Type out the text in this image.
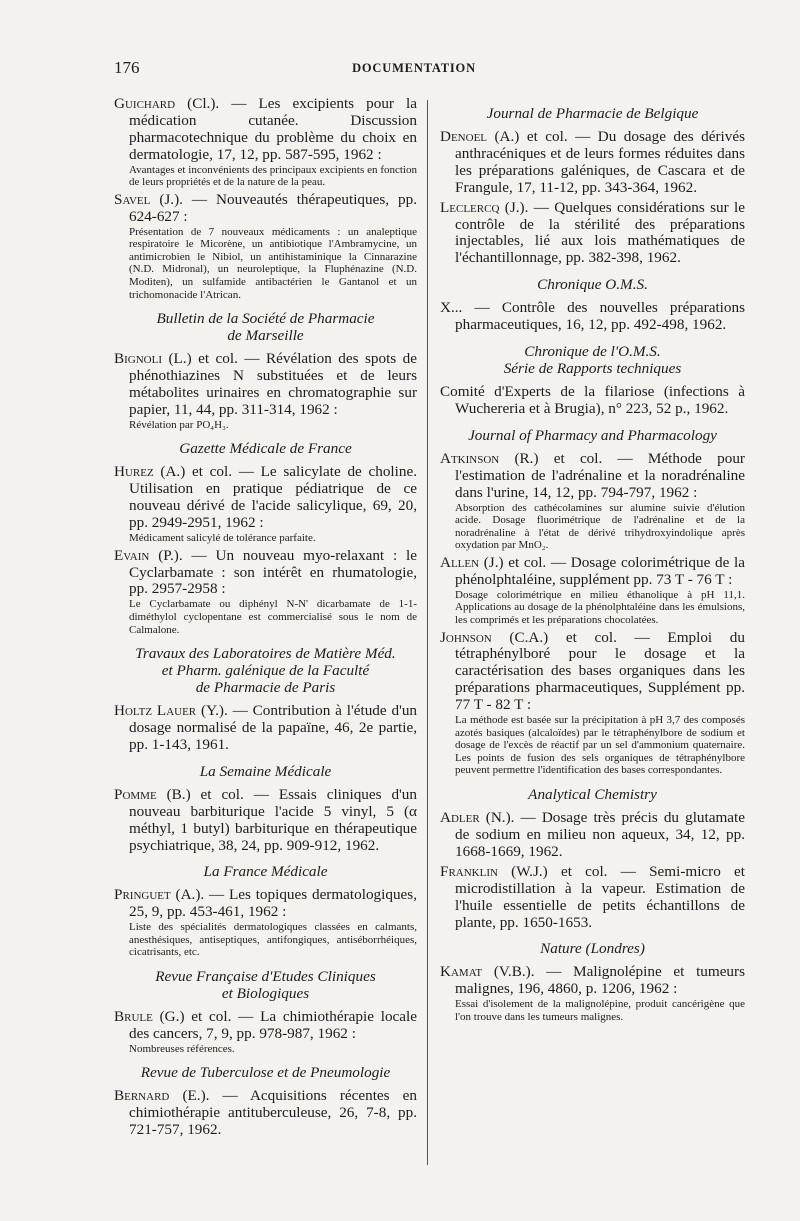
176	DOCUMENTATION
Guichard (Cl.). — Les excipients pour la médication cutanée. Discussion pharmacotechnique du problème du choix en dermatologie, 17, 12, pp. 587-595, 1962 :
Avantages et inconvénients des principaux excipients en fonction de leurs propriétés et de la nature de la peau.
Savel (J.). — Nouveautés thérapeutiques, pp. 624-627 :
Présentation de 7 nouveaux médicaments : un analeptique respiratoire le Micorène, un antibiotique l'Ambramycine, un antimicrobien le Nibiol, un antihistaminique la Cinnarazine (N.D. Midronal), un neuroleptique, la Fluphénazine (N.D. Moditen), un sulfamide antibactérien le Gantanol et un trichomonacide l'Atrican.
Bulletin de la Société de Pharmacie
de Marseille
Bignoli (L.) et col. — Révélation des spots de phénothiazines N substituées et de leurs métabolites urinaires en chromatographie sur papier, 11, 44, pp. 311-314, 1962 :
Révélation par PO₄H₃.
Gazette Médicale de France
Hurez (A.) et col. — Le salicylate de choline. Utilisation en pratique pédiatrique de ce nouveau dérivé de l'acide salicylique, 69, 20, pp. 2949-2951, 1962 :
Médicament salicylé de tolérance parfaite.
Evain (P.). — Un nouveau myo-relaxant : le Cyclarbamate : son intérêt en rhumatologie, pp. 2957-2958 :
Le Cyclarbamate ou diphényl N-N' dicarbamate de 1-1-diméthylol cyclopentane est commercialisé sous le nom de Calmalone.
Travaux des Laboratoires de Matière Méd.
et Pharm. galénique de la Faculté
de Pharmacie de Paris
Holtz Lauer (Y.). — Contribution à l'étude d'un dosage normalisé de la papaïne, 46, 2e partie, pp. 1-143, 1961.
La Semaine Médicale
Pomme (B.) et col. — Essais cliniques d'un nouveau barbiturique l'acide 5 vinyl, 5 (α méthyl, 1 butyl) barbiturique en thérapeutique psychiatrique, 38, 24, pp. 909-912, 1962.
La France Médicale
Pringuet (A.). — Les topiques dermatologiques, 25, 9, pp. 453-461, 1962 :
Liste des spécialités dermatologiques classées en calmants, anesthésiques, antiseptiques, antifongiques, antiséborrhéiques, cicatrisants, etc.
Revue Française d'Etudes Cliniques
et Biologiques
Brule (G.) et col. — La chimiothérapie locale des cancers, 7, 9, pp. 978-987, 1962 :
Nombreuses références.
Revue de Tuberculose et de Pneumologie
Bernard (E.). — Acquisitions récentes en chimiothérapie antituberculeuse, 26, 7-8, pp. 721-757, 1962.
Journal de Pharmacie de Belgique
Denoel (A.) et col. — Du dosage des dérivés anthracéniques et de leurs formes réduites dans les préparations galéniques, de Cascara et de Frangule, 17, 11-12, pp. 343-364, 1962.
Leclercq (J.). — Quelques considérations sur le contrôle de la stérilité des préparations injectables, lié aux lois mathématiques de l'échantillonnage, pp. 382-398, 1962.
Chronique O.M.S.
X... — Contrôle des nouvelles préparations pharmaceutiques, 16, 12, pp. 492-498, 1962.
Chronique de l'O.M.S.
Série de Rapports techniques
Comité d'Experts de la filariose (infections à Wuchereria et à Brugia), n° 223, 52 p., 1962.
Journal of Pharmacy and Pharmacology
Atkinson (R.) et col. — Méthode pour l'estimation de l'adrénaline et la noradrénaline dans l'urine, 14, 12, pp. 794-797, 1962 :
Absorption des cathécolamines sur alumine suivie d'élution acide. Dosage fluorimétrique de l'adrénaline et de la noradrénaline à l'état de dérivé trihydroxyindolique après oxydation par MnO₂.
Allen (J.) et col. — Dosage colorimétrique de la phénolphtaléine, supplément pp. 73 T - 76 T :
Dosage colorimétrique en milieu éthanolique à pH 11,1. Applications au dosage de la phénolphtaléine dans les émulsions, les comprimés et les préparations chocolatées.
Johnson (C.A.) et col. — Emploi du tétraphénylboré pour le dosage et la caractérisation des bases organiques dans les préparations pharmaceutiques, Supplément pp. 77 T - 82 T :
La méthode est basée sur la précipitation à pH 3,7 des composés azotés basiques (alcaloïdes) par le tétraphénylbore de sodium et dosage de l'excès de réactif par un sel d'ammonium quaternaire. Les points de fusion des sels organiques de tétraphénylbore peuvent permettre l'identification des bases correspondantes.
Analytical Chemistry
Adler (N.). — Dosage très précis du glutamate de sodium en milieu non aqueux, 34, 12, pp. 1668-1669, 1962.
Franklin (W.J.) et col. — Semi-micro et microdistillation à la vapeur. Estimation de l'huile essentielle de petits échantillons de plante, pp. 1650-1653.
Nature (Londres)
Kamat (V.B.). — Malignolépine et tumeurs malignes, 196, 4860, p. 1206, 1962 :
Essai d'isolement de la malignolépine, produit cancérigène que l'on trouve dans les tumeurs malignes.
